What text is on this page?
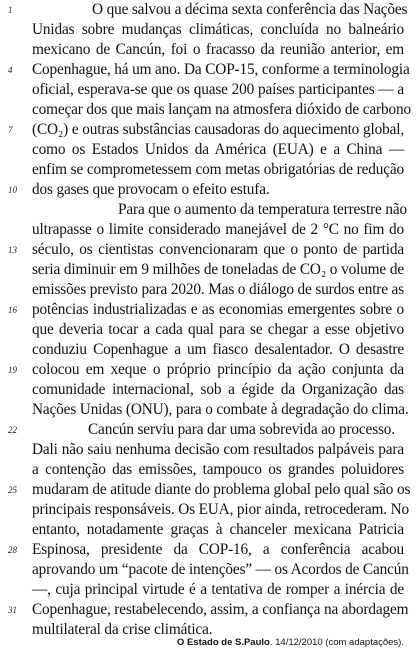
1
4
7
10
13
16
19
22
25
28
31
O que salvou a décima sexta conferência das Nações
Unidas sobre mudanças climáticas, concluída no balneário
mexicano de Cancún, foi o fracasso da reunião anterior, em
Copenhague, há um ano. Da COP-15, conforme a terminologia
oficial, esperava-se que os quase 200 países participantes — a
começar dos que mais lançam na atmosfera dióxido de carbono
(CO₂) e outras substâncias causadoras do aquecimento global,
como os Estados Unidos da América (EUA) e a China —
enfim se comprometessem com metas obrigatórias de redução
dos gases que provocam o efeito estufa.
Para que o aumento da temperatura terrestre não
ultrapasse o limite considerado manejável de 2 °C no fim do
século, os cientistas convencionaram que o ponto de partida
seria diminuir em 9 milhões de toneladas de CO₂ o volume de
emissões previsto para 2020. Mas o diálogo de surdos entre as
potências industrializadas e as economias emergentes sobre o
que deveria tocar a cada qual para se chegar a esse objetivo
conduziu Copenhague a um fiasco desalentador. O desastre
colocou em xeque o próprio princípio da ação conjunta da
comunidade internacional, sob a égide da Organização das
Nações Unidas (ONU), para o combate à degradação do clima.
Cancún serviu para dar uma sobrevida ao processo.
Dali não saiu nenhuma decisão com resultados palpáveis para
a contenção das emissões, tampouco os grandes poluidores
mudaram de atitude diante do problema global pelo qual são os
principais responsáveis. Os EUA, pior ainda, retrocederam. No
entanto, notadamente graças à chanceler mexicana Patricia
Espinosa, presidente da COP-16, a conferência acabou
aprovando um “pacote de intenções” — os Acordos de Cancún
—, cuja principal virtude é a tentativa de romper a inércia de
Copenhague, restabelecendo, assim, a confiança na abordagem
multilateral da crise climática.
O Estado de S.Paulo. 14/12/2010 (com adaptações).
